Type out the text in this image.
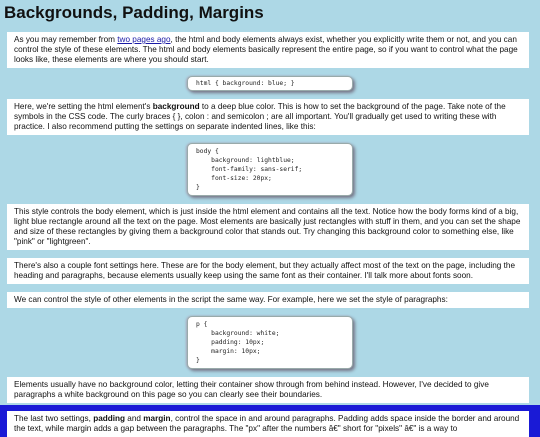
Backgrounds, Padding, Margins
As you may remember from two pages ago, the html and body elements always exist, whether you explicitly write them or not, and you can control the style of these elements. The html and body elements basically represent the entire page, so if you want to control what the page looks like, these elements are where you should start.
html { background: blue; }
Here, we're setting the html element's background to a deep blue color. This is how to set the background of the page. Take note of the symbols in the CSS code. The curly braces { }, colon : and semicolon ; are all important. You'll gradually get used to writing these with practice. I also recommend putting the settings on separate indented lines, like this:
body {
background: lightblue;
font-family: sans-serif;
font-size: 20px;
}
This style controls the body element, which is just inside the html element and contains all the text. Notice how the body forms kind of a big, light blue rectangle around all the text on the page. Most elements are basically just rectangles with stuff in them, and you can set the shape and size of these rectangles by giving them a background color that stands out. Try changing this background color to something else, like "pink" or "lightgreen".
There's also a couple font settings here. These are for the body element, but they actually affect most of the text on the page, including the heading and paragraphs, because elements usually keep using the same font as their container. I'll talk more about fonts soon.
We can control the style of other elements in the script the same way. For example, here we set the style of paragraphs:
p {
background: white;
padding: 10px;
margin: 10px;
}
Elements usually have no background color, letting their container show through from behind instead. However, I've decided to give paragraphs a white background on this page so you can clearly see their boundaries.
The last two settings, padding and margin, control the space in and around paragraphs. Padding adds space inside the border and around the text, while margin adds a gap between the paragraphs. The "px" after the numbers â€" short for "pixels" â€" is a way to
